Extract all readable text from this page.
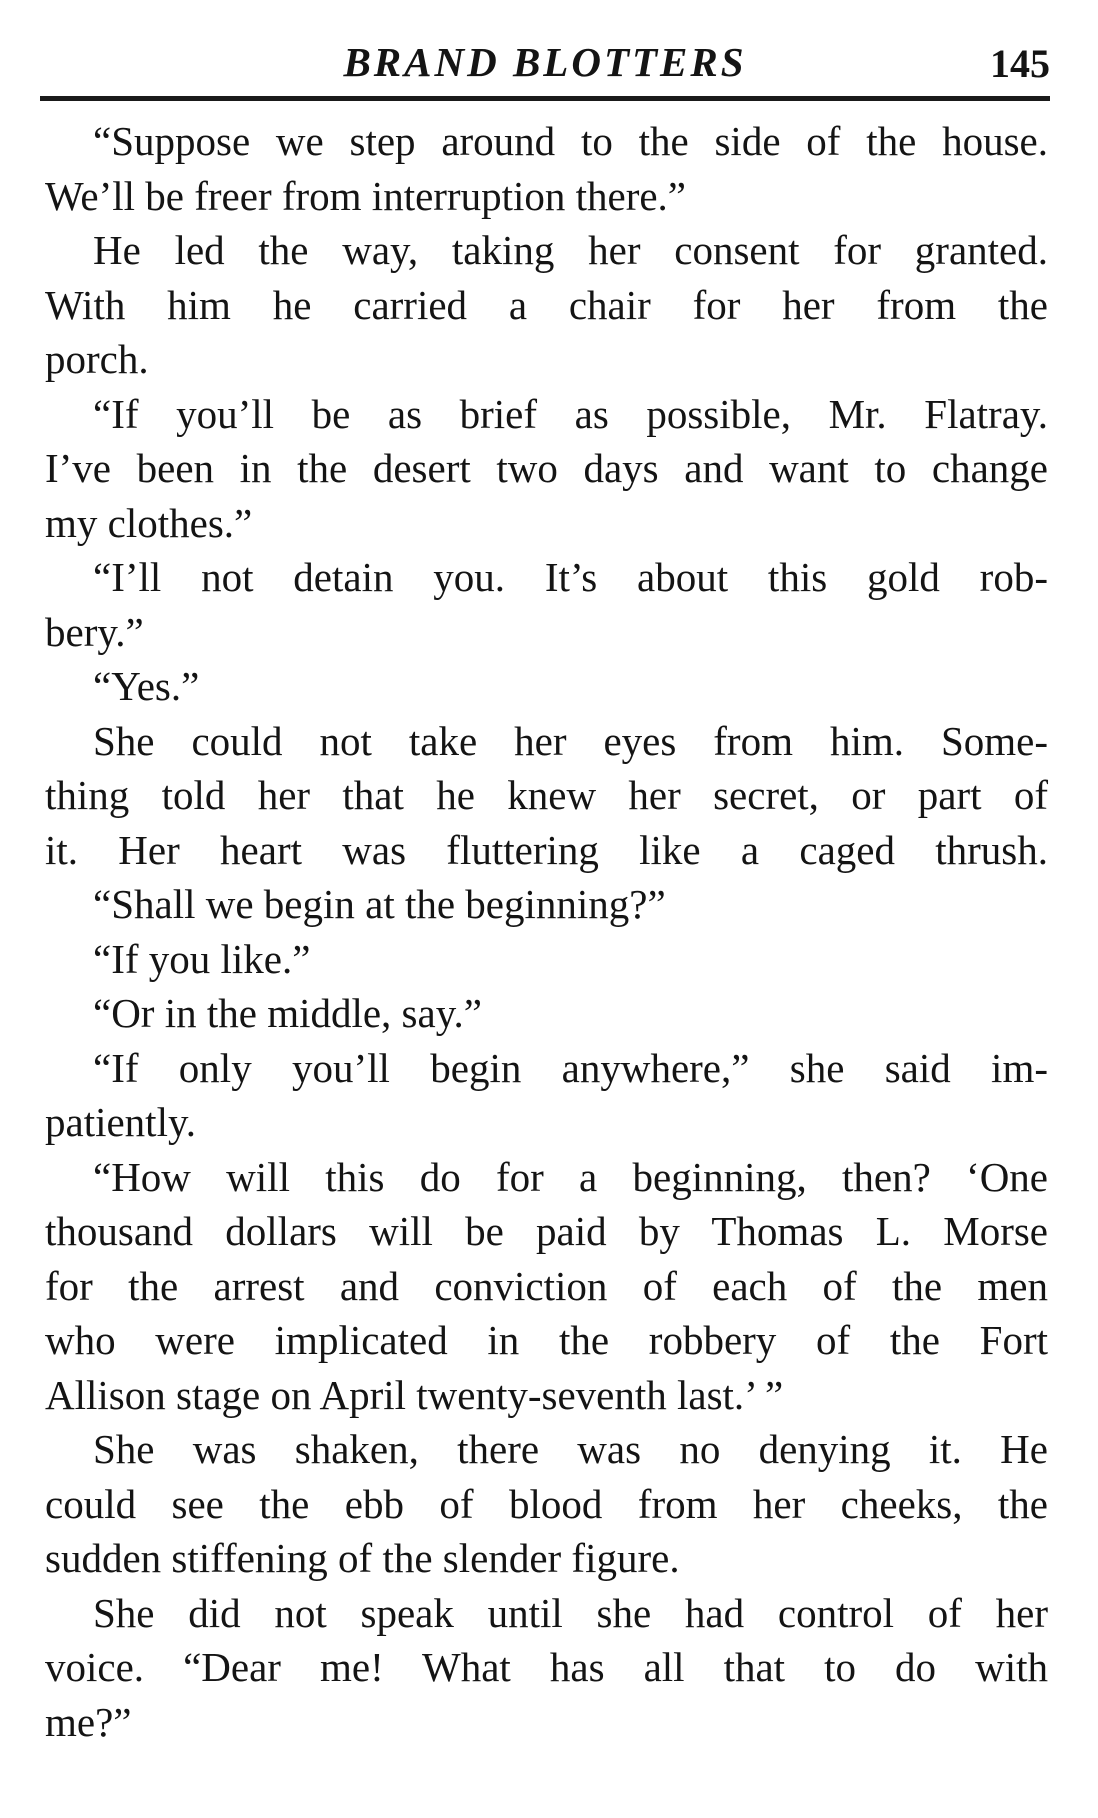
BRAND BLOTTERS	145
“Suppose we step around to the side of the house.
We’ll be freer from interruption there.”
He led the way, taking her consent for granted.
With him he carried a chair for her from the
porch.
“If you’ll be as brief as possible, Mr. Flatray.
I’ve been in the desert two days and want to change
my clothes.”
“I’ll not detain you. It’s about this gold rob-
bery.”
“Yes.”
She could not take her eyes from him. Some-
thing told her that he knew her secret, or part of
it. Her heart was fluttering like a caged thrush.
“Shall we begin at the beginning?”
“If you like.”
“Or in the middle, say.”
“If only you’ll begin anywhere,” she said im-
patiently.
“How will this do for a beginning, then? ‘One
thousand dollars will be paid by Thomas L. Morse
for the arrest and conviction of each of the men
who were implicated in the robbery of the Fort
Allison stage on April twenty-seventh last.’ ”
She was shaken, there was no denying it. He
could see the ebb of blood from her cheeks, the
sudden stiffening of the slender figure.
She did not speak until she had control of her
voice. “Dear me! What has all that to do with
me?”
